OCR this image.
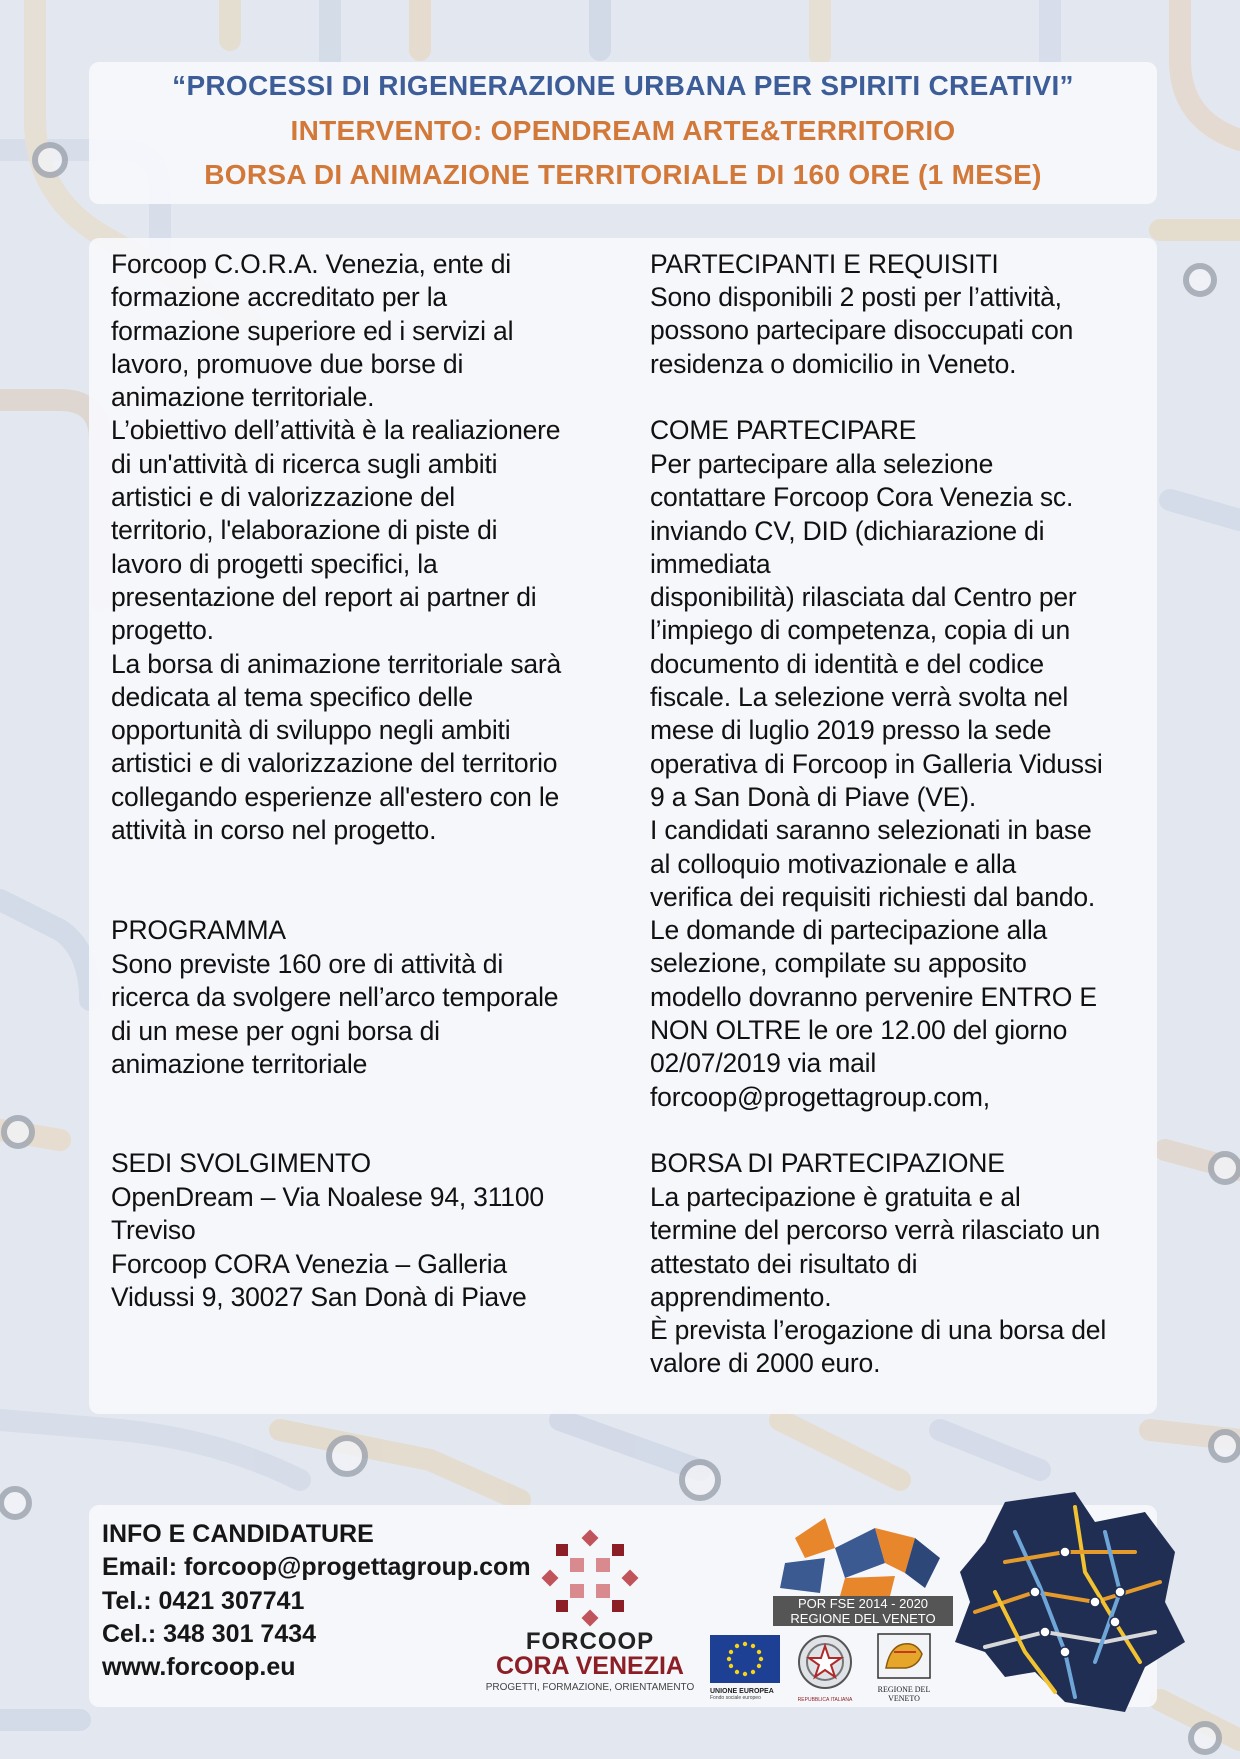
“PROCESSI DI RIGENERAZIONE URBANA PER SPIRITI CREATIVI”
INTERVENTO: OPENDREAM ARTE&TERRITORIO
BORSA DI ANIMAZIONE TERRITORIALE DI 160 ORE (1 MESE)
Forcoop C.O.R.A. Venezia, ente di
formazione accreditato per la
formazione superiore ed i servizi al
lavoro, promuove due borse di
animazione territoriale.
L’obiettivo dell’attività è la realiazionere
di un'attività di ricerca sugli ambiti
artistici e di valorizzazione del
territorio, l'elaborazione di piste di
lavoro di progetti specifici, la
presentazione del report ai partner di
progetto.
La borsa di animazione territoriale sarà
dedicata al tema specifico delle
opportunità di sviluppo negli ambiti
artistici e di valorizzazione del territorio
collegando esperienze all'estero con le
attività in corso nel progetto.
PROGRAMMA
Sono previste 160 ore di attività di
ricerca da svolgere nell’arco temporale
di un mese per ogni borsa di
animazione territoriale
SEDI SVOLGIMENTO
OpenDream – Via Noalese 94, 31100
Treviso
Forcoop CORA Venezia – Galleria
Vidussi 9, 30027 San Donà di Piave
PARTECIPANTI E REQUISITI
Sono disponibili 2 posti per l’attività,
possono partecipare disoccupati con
residenza o domicilio in Veneto.
COME PARTECIPARE
Per partecipare alla selezione
contattare Forcoop Cora Venezia sc.
inviando CV, DID (dichiarazione di
immediata
disponibilità) rilasciata dal Centro per
l’impiego di competenza, copia di un
documento di identità e del codice
fiscale. La selezione verrà svolta nel
mese di luglio 2019 presso la sede
operativa di Forcoop in Galleria Vidussi
9 a San Donà di Piave (VE).
I candidati saranno selezionati in base
al colloquio motivazionale e alla
verifica dei requisiti richiesti dal bando.
Le domande di partecipazione alla
selezione, compilate su apposito
modello dovranno pervenire ENTRO E
NON OLTRE le ore 12.00 del giorno
02/07/2019 via mail
forcoop@progettagroup.com,
BORSA DI PARTECIPAZIONE
La partecipazione è gratuita e al
termine del percorso verrà rilasciato un
attestato dei risultato di
apprendimento.
È prevista l’erogazione di una borsa del
valore di 2000 euro.
INFO E CANDIDATURE
Email: forcoop@progettagroup.com
Tel.: 0421 307741
Cel.: 348 301 7434
www.forcoop.eu
FORCOOP
CORA VENEZIA
PROGETTI, FORMAZIONE, ORIENTAMENTO
POR FSE 2014 - 2020
REGIONE DEL VENETO
UNIONE EUROPEA
Fondo sociale europeo	REPUBBLICA ITALIANA
REGIONE DEL VENETO
